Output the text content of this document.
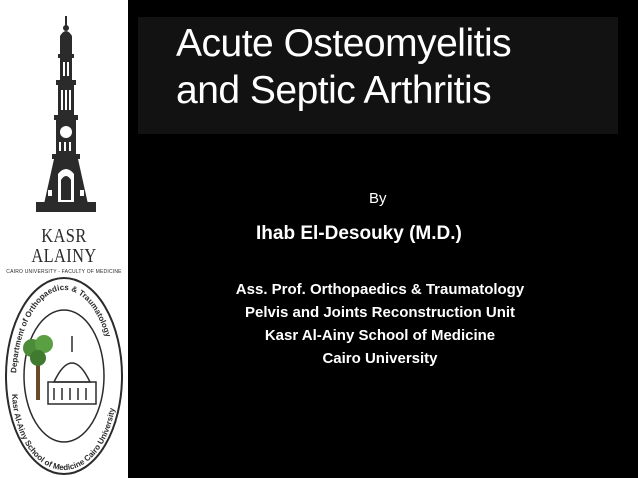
KASR ALAINY
CAIRO UNIVERSITY - FACULTY OF MEDICINE
Department of Orthopaedics & Traumatology
Kasr Al-Ainy School of Medicine Cairo University
Acute Osteomyelitis
and Septic Arthritis
By
Ihab El-Desouky (M.D.)
Ass. Prof. Orthopaedics & Traumatology
Pelvis and Joints Reconstruction Unit
Kasr Al-Ainy School of Medicine
Cairo University
